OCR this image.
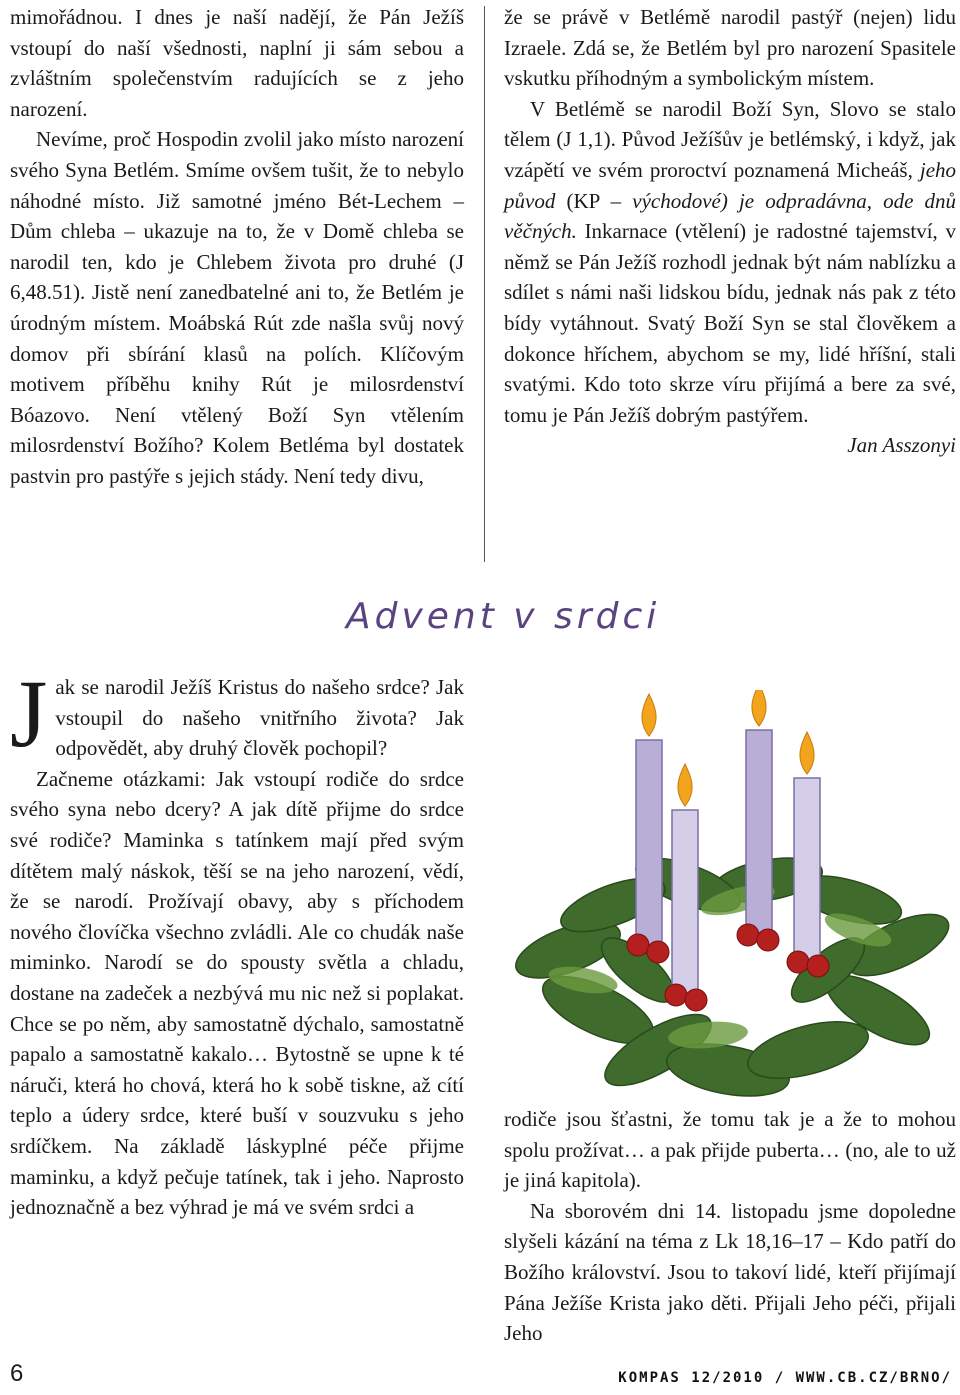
mimořádnou. I dnes je naší nadějí, že Pán Ježíš vstoupí do naší všednosti, naplní ji sám sebou a zvláštním společenstvím radujících se z jeho narození.

Nevíme, proč Hospodin zvolil jako místo narození svého Syna Betlém. Smíme ovšem tušit, že to nebylo náhodné místo. Již samotné jméno Bét-Lechem – Dům chleba – ukazuje na to, že v Domě chleba se narodil ten, kdo je Chlebem života pro druhé (J 6,48.51). Jistě není zanedbatelné ani to, že Betlém je úrodným místem. Moábská Rút zde našla svůj nový domov při sbírání klasů na polích. Klíčovým motivem příběhu knihy Rút je milosrdenství Bóazovo. Není vtělený Boží Syn vtělením milosrdenství Božího? Kolem Betléma byl dostatek pastvin pro pastýře s jejich stády. Není tedy divu,

že se právě v Betlémě narodil pastýř (nejen) lidu Izraele. Zdá se, že Betlém byl pro narození Spasitele vskutku příhodným a symbolickým místem.

V Betlémě se narodil Boží Syn, Slovo se stalo tělem (J 1,1). Původ Ježíšův je betlémský, i když, jak vzápětí ve svém proroctví poznamená Micheáš, jeho původ (KP – východové) je odpradávna, ode dnů věčných. Inkarnace (vtělení) je radostné tajemství, v němž se Pán Ježíš rozhodl jednak být nám nablízku a sdílet s námi naši lidskou bídu, jednak nás pak z této bídy vytáhnout. Svatý Boží Syn se stal člověkem a dokonce hříchem, abychom se my, lidé hříšní, stali svatými. Kdo toto skrze víru přijímá a bere za své, tomu je Pán Ježíš dobrým pastýřem.

Jan Asszonyi

Advent v srdci

Jak se narodil Ježíš Kristus do našeho srdce? Jak vstoupil do našeho vnitřního života? Jak odpovědět, aby druhý člověk pochopil?

Začneme otázkami: Jak vstoupí rodiče do srdce svého syna nebo dcery? A jak dítě přijme do srdce své rodiče? Maminka s tatínkem mají před svým dítětem malý náskok, těší se na jeho narození, vědí, že se narodí. Prožívají obavy, aby s příchodem nového človíčka všechno zvládli. Ale co chudák naše miminko. Narodí se do spousty světla a chladu, dostane na zadeček a nezbývá mu nic než si poplakat. Chce se po něm, aby samostatně dýchalo, samostatně papalo a samostatně kakalo… Bytostně se upne k té náruči, která ho chová, která ho k sobě tiskne, až cítí teplo a údery srdce, které buší v souzvuku s jeho srdíčkem. Na základě láskyplné péče přijme maminku, a když pečuje tatínek, tak i jeho. Naprosto jednoznačně a bez výhrad je má ve svém srdci a

rodiče jsou šťastni, že tomu tak je a že to mohou spolu prožívat… a pak přijde puberta… (no, ale to už je jiná kapitola).

Na sborovém dni 14. listopadu jsme dopoledne slyšeli kázání na téma z Lk 18,16–17 – Kdo patří do Božího království. Jsou to takoví lidé, kteří přijímají Pána Ježíše Krista jako děti. Přijali Jeho péči, přijali Jeho

6	KOMPAS 12/2010 / WWW.CB.CZ/BRNO/
